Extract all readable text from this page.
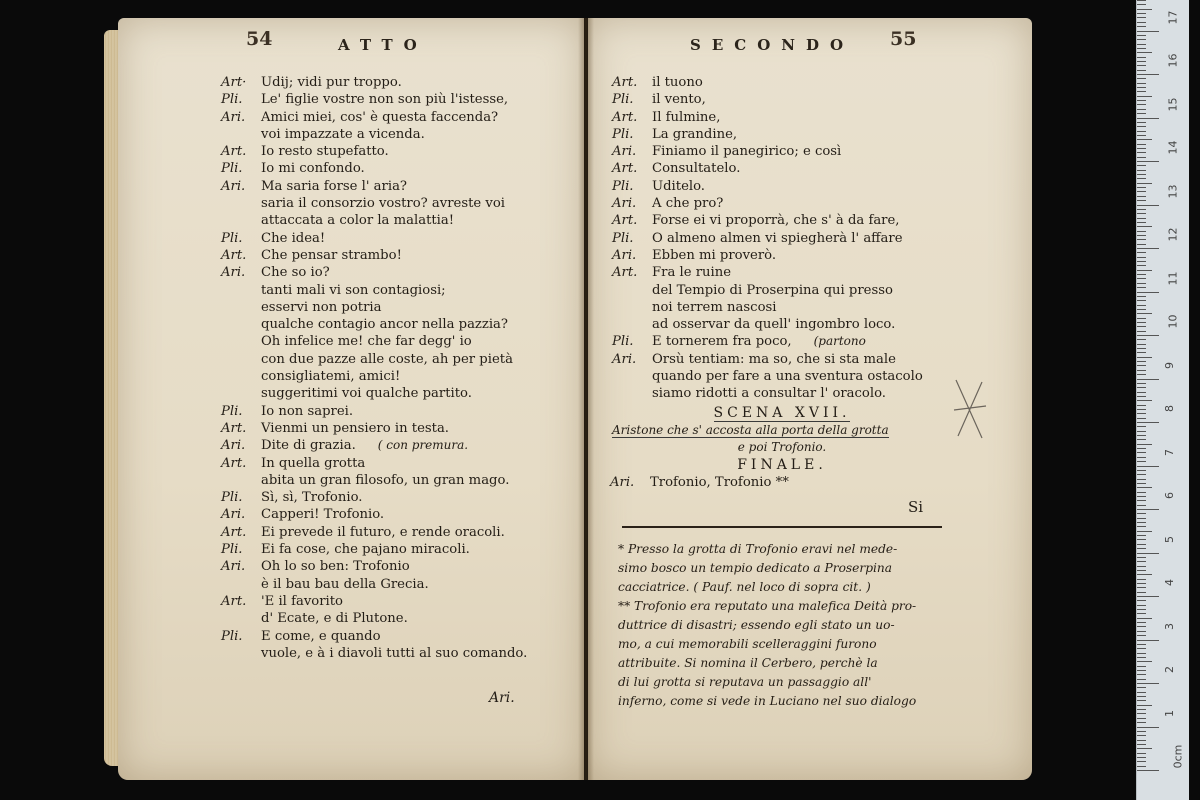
54	ATTO	SECONDO 55
Art· Udij; vidi pur troppo.
Pli. Le' figlie vostre non son più l'istesse,
Ari. Amici miei, cos' è questa faccenda?
voi impazzate a vicenda.
Art. Io resto stupefatto.
Pli. Io mi confondo.
Ari. Ma saria forse l' aria?
saria il consorzio vostro? avreste voi
attaccata a color la malattia!
Pli. Che idea!
Art. Che pensar strambo!
Ari. Che so io?
tanti mali vi son contagiosi;
esservi non potria
qualche contagio ancor nella pazzia?
Oh infelice me! che far degg' io
con due pazze alle coste, ah per pietà
consigliatemi, amici!
suggeritimi voi qualche partito.
Pli. Io non saprei.
Art. Vienmi un pensiero in testa.
Ari. Dite di grazia. ( con premura.
Art. In quella grotta
abita un gran filosofo, un gran mago.
Pli. Sì, sì, Trofonio.
Ari. Capperi! Trofonio.
Art. Ei prevede il futuro, e rende oracoli.
Pli. Ei fa cose, che pajano miracoli.
Ari. Oh lo so ben: Trofonio
è il bau bau della Grecia.
Art. 'E il favorito
d' Ecate, e di Plutone.
Pli. E come, e quando
vuole, e à i diavoli tutti al suo comando.
Ari.
Art. il tuono
Pli. il vento,
Art. Il fulmine,
Pli. La grandine,
Ari. Finiamo il panegirico; e così
Art. Consultatelo.
Pli. Uditelo.
Ari. A che pro?
Art. Forse ei vi proporrà, che s' à da fare,
Pli. O almeno almen vi spiegherà l' affare
Ari. Ebben mi proverò.
Art. Fra le ruine
del Tempio di Proserpina qui presso
noi terrem nascosi
ad osservar da quell' ingombro loco.
Pli. E tornerem fra poco, (partono
Ari. Orsù tentiam: ma so, che si sta male
quando per fare a una sventura ostacolo
siamo ridotti a consultar l' oracolo.
SCENA XVII.
Aristone che s' accosta alla porta della grotta
e poi Trofonio.
FINALE.
Ari. Trofonio, Trofonio **
Si
* Presso la grotta di Trofonio eravi nel mede-
simo bosco un tempio dedicato a Proserpina
cacciatrice. ( Pauf. nel loco di sopra cit. )
** Trofonio era reputato una malefica Deità pro-
duttrice di disastri; essendo egli stato un uo-
mo, a cui memorabili scelleraggini furono
attribuite. Si nomina il Cerbero, perchè la
di lui grotta si reputava un passaggio all'
inferno, come si vede in Luciano nel suo dialogo
0cm
1
2
3
4
5
6
7
8
9
10
11
12
13
14
15
16
17
